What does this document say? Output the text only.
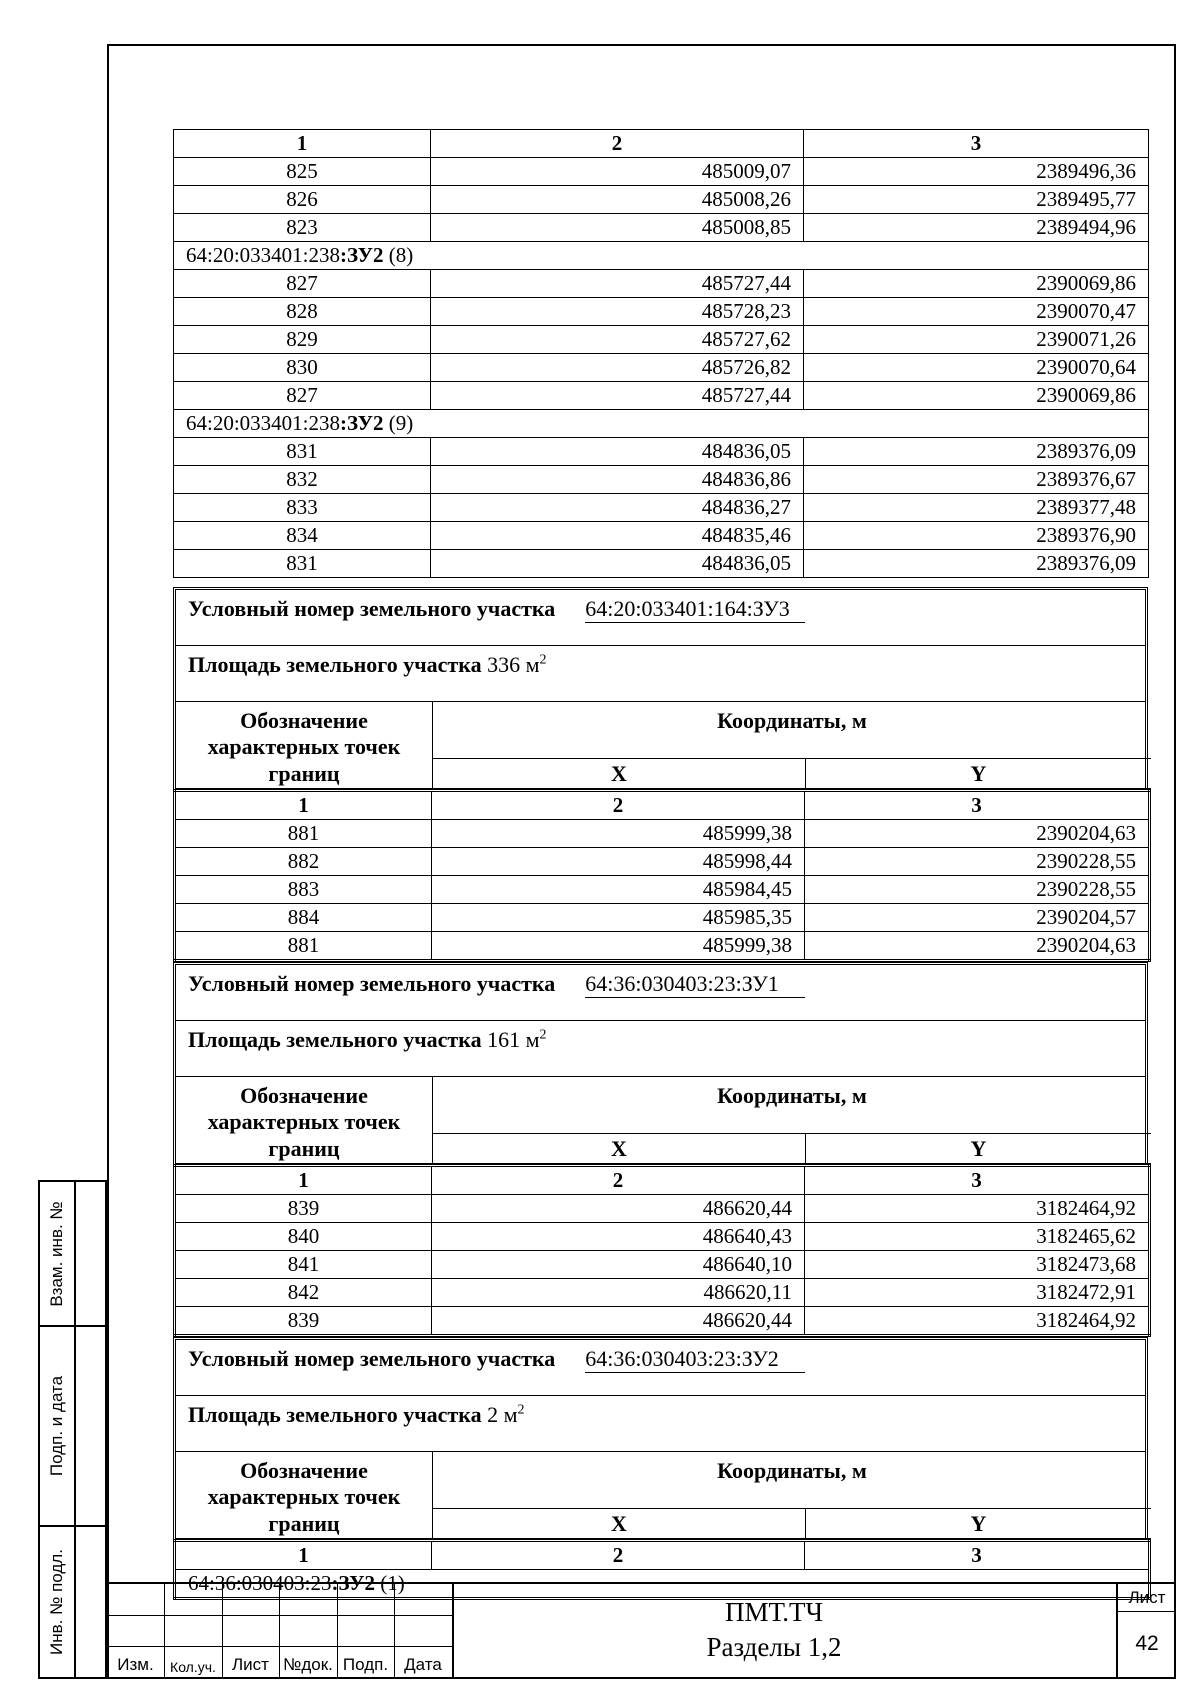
Взам. инв. №
Подп. и дата
Инв. № подл.
1	2	3
825	485009,07	2389496,36
826	485008,26	2389495,77
823	485008,85	2389494,96
64:20:033401:238:ЗУ2 (8)		
827	485727,44	2390069,86
828	485728,23	2390070,47
829	485727,62	2390071,26
830	485726,82	2390070,64
827	485727,44	2390069,86
64:20:033401:238:ЗУ2 (9)		
831	484836,05	2389376,09
832	484836,86	2389376,67
833	484836,27	2389377,48
834	484835,46	2389376,90
831	484836,05	2389376,09
Условный номер земельного участка 64:20:033401:164:ЗУ3
Площадь земельного участка 336 $м^2$
Обозначение характерных точек границ
Координаты, м
X	Y
1	2	3
881	485999,38	2390204,63
882	485998,44	2390228,55
883	485984,45	2390228,55
884	485985,35	2390204,57
881	485999,38	2390204,63
Условный номер земельного участка 64:36:030403:23:ЗУ1
Площадь земельного участка 161 $м^2$
Обозначение характерных точек границ
Координаты, м
X	Y
1	2	3
839	486620,44	3182464,92
840	486640,43	3182465,62
841	486640,10	3182473,68
842	486620,11	3182472,91
839	486620,44	3182464,92
Условный номер земельного участка 64:36:030403:23:ЗУ2
Площадь земельного участка 2 $м^2$
Обозначение характерных точек границ
Координаты, м
X	Y
1	2	3
64:36:030403:23:ЗУ2 (1)
Изм.	Кол.уч. Лист №док. Подп. Дата
ПМТ.ТЧ
Разделы 1,2
Лист
42
